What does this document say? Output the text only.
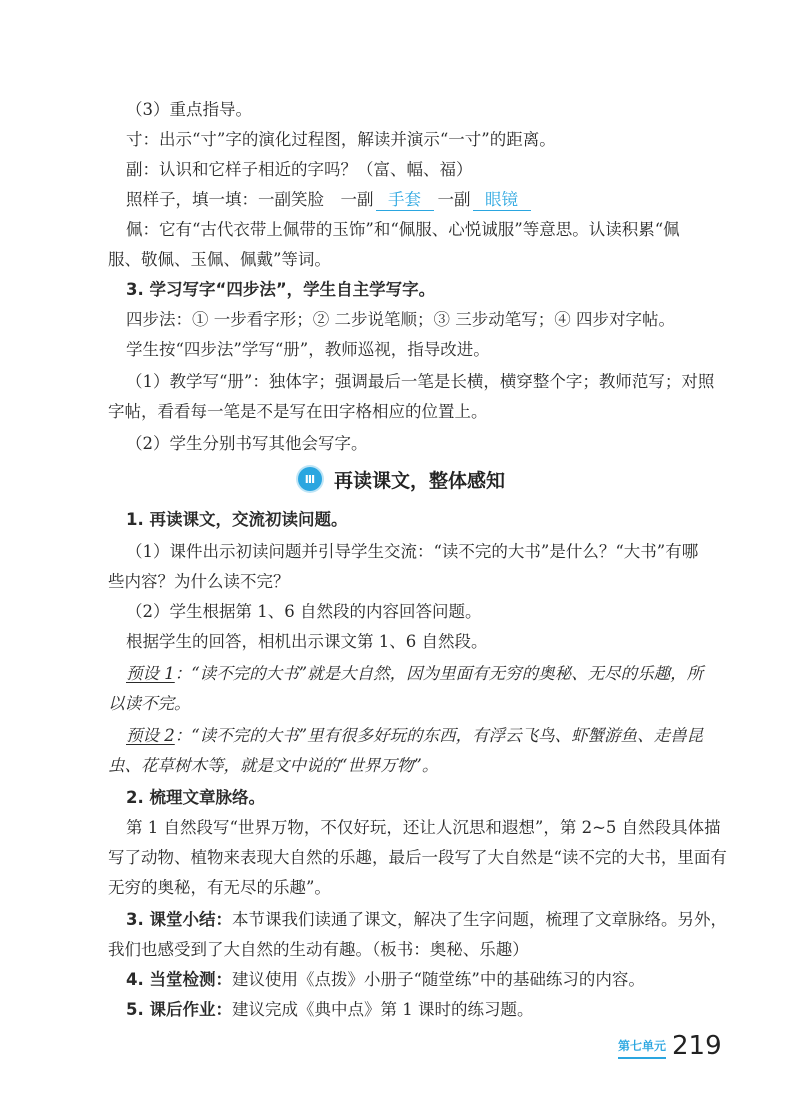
（3）重点指导。

寸：出示“寸”字的演化过程图，解读并演示“一寸”的距离。

副：认识和它样子相近的字吗？（富、幅、福）

照样子，填一填：一副笑脸　一副 手套 一副 眼镜

佩：它有“古代衣带上佩带的玉饰”和“佩服、心悦诚服”等意思。认读积累“佩

服、敬佩、玉佩、佩戴”等词。

3. 学习写字“四步法”，学生自主学写字。

四步法：① 一步看字形；② 二步说笔顺；③ 三步动笔写；④ 四步对字帖。

学生按“四步法”学写“册”，教师巡视，指导改进。

（1）教学写“册”：独体字；强调最后一笔是长横，横穿整个字；教师范写；对照

字帖，看看每一笔是不是写在田字格相应的位置上。

（2）学生分别书写其他会写字。

Ⅲ 再读课文，整体感知

1. 再读课文，交流初读问题。

（1）课件出示初读问题并引导学生交流：“读不完的大书”是什么？“大书”有哪

些内容？为什么读不完？

（2）学生根据第 1、6 自然段的内容回答问题。

根据学生的回答，相机出示课文第 1、6 自然段。

预设 1：“读不完的大书”就是大自然，因为里面有无穷的奥秘、无尽的乐趣，所

以读不完。

预设 2：“读不完的大书”里有很多好玩的东西，有浮云飞鸟、虾蟹游鱼、走兽昆

虫、花草树木等，就是文中说的“世界万物”。

2. 梳理文章脉络。

第 1 自然段写“世界万物，不仅好玩，还让人沉思和遐想”，第 2~5 自然段具体描

写了动物、植物来表现大自然的乐趣，最后一段写了大自然是“读不完的大书，里面有

无穷的奥秘，有无尽的乐趣”。

3. 课堂小结：本节课我们读通了课文，解决了生字问题，梳理了文章脉络。另外，

我们也感受到了大自然的生动有趣。（板书：奥秘、乐趣）

4. 当堂检测：建议使用《点拨》小册子“随堂练”中的基础练习的内容。

5. 课后作业：建议完成《典中点》第 1 课时的练习题。

第七单元 219
